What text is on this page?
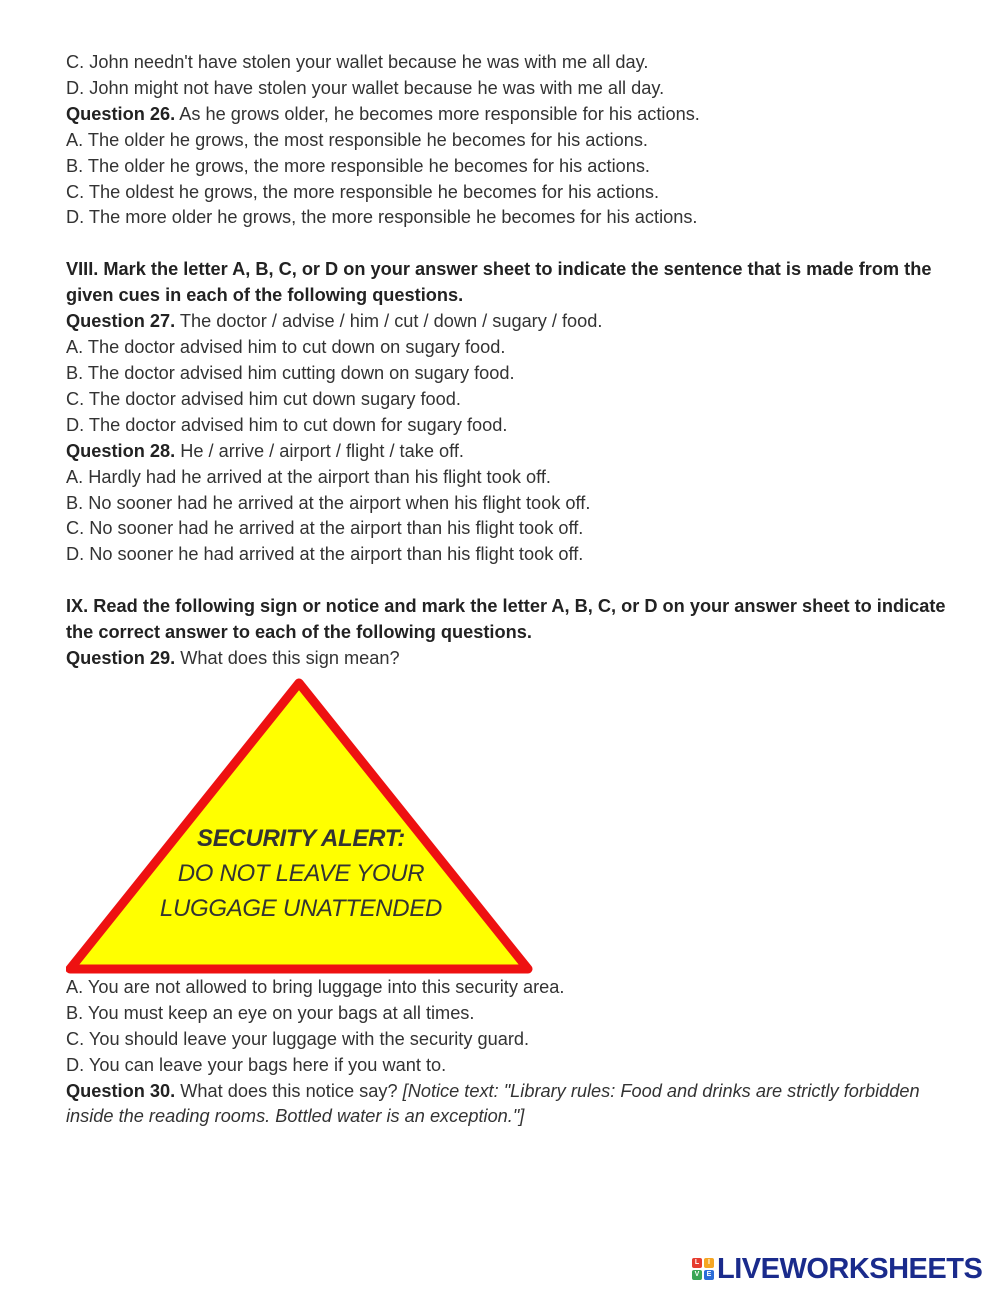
C. John needn't have stolen your wallet because he was with me all day.

D. John might not have stolen your wallet because he was with me all day.

Question 26. As he grows older, he becomes more responsible for his actions.

A. The older he grows, the most responsible he becomes for his actions.

B. The older he grows, the more responsible he becomes for his actions.

C. The oldest he grows, the more responsible he becomes for his actions.

D. The more older he grows, the more responsible he becomes for his actions.

VIII. Mark the letter A, B, C, or D on your answer sheet to indicate the sentence that is made from the given cues in each of the following questions.

Question 27. The doctor / advise / him / cut / down / sugary / food.

A. The doctor advised him to cut down on sugary food.

B. The doctor advised him cutting down on sugary food.

C. The doctor advised him cut down sugary food.

D. The doctor advised him to cut down for sugary food.

Question 28. He / arrive / airport / flight / take off.

A. Hardly had he arrived at the airport than his flight took off.

B. No sooner had he arrived at the airport when his flight took off.

C. No sooner had he arrived at the airport than his flight took off.

D. No sooner he had arrived at the airport than his flight took off.

IX. Read the following sign or notice and mark the letter A, B, C, or D on your answer sheet to indicate the correct answer to each of the following questions.

Question 29. What does this sign mean?

SECURITY ALERT:
DO NOT LEAVE YOUR
LUGGAGE UNATTENDED

A. You are not allowed to bring luggage into this security area.

B. You must keep an eye on your bags at all times.

C. You should leave your luggage with the security guard.

D. You can leave your bags here if you want to.

Question 30. What does this notice say? [Notice text: "Library rules: Food and drinks are strictly forbidden inside the reading rooms. Bottled water is an exception."]

L	I
V	E LIVEWORKSHEETS
